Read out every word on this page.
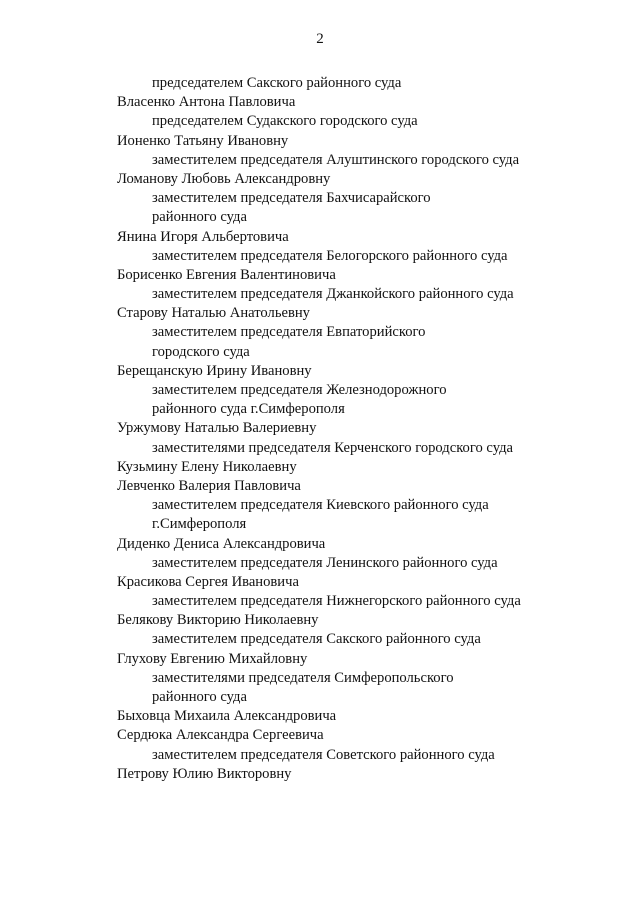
2
председателем Сакского районного суда
Власенко Антона Павловича
председателем Судакского городского суда
Ионенко Татьяну Ивановну
заместителем председателя Алуштинского городского суда
Ломанову Любовь Александровну
заместителем председателя Бахчисарайского
районного суда
Янина Игоря Альбертовича
заместителем председателя Белогорского районного суда
Борисенко Евгения Валентиновича
заместителем председателя Джанкойского районного суда
Старову Наталью Анатольевну
заместителем председателя Евпаторийского
городского суда
Берещанскую Ирину Ивановну
заместителем председателя Железнодорожного
районного суда г.Симферополя
Уржумову Наталью Валериевну
заместителями председателя Керченского городского суда
Кузьмину Елену Николаевну
Левченко Валерия Павловича
заместителем председателя Киевского районного суда
г.Симферополя
Диденко Дениса Александровича
заместителем председателя Ленинского районного суда
Красикова Сергея Ивановича
заместителем председателя Нижнегорского районного суда
Белякову Викторию Николаевну
заместителем председателя Сакского районного суда
Глухову Евгению Михайловну
заместителями председателя Симферопольского
районного суда
Быховца Михаила Александровича
Сердюка Александра Сергеевича
заместителем председателя Советского районного суда
Петрову Юлию Викторовну
